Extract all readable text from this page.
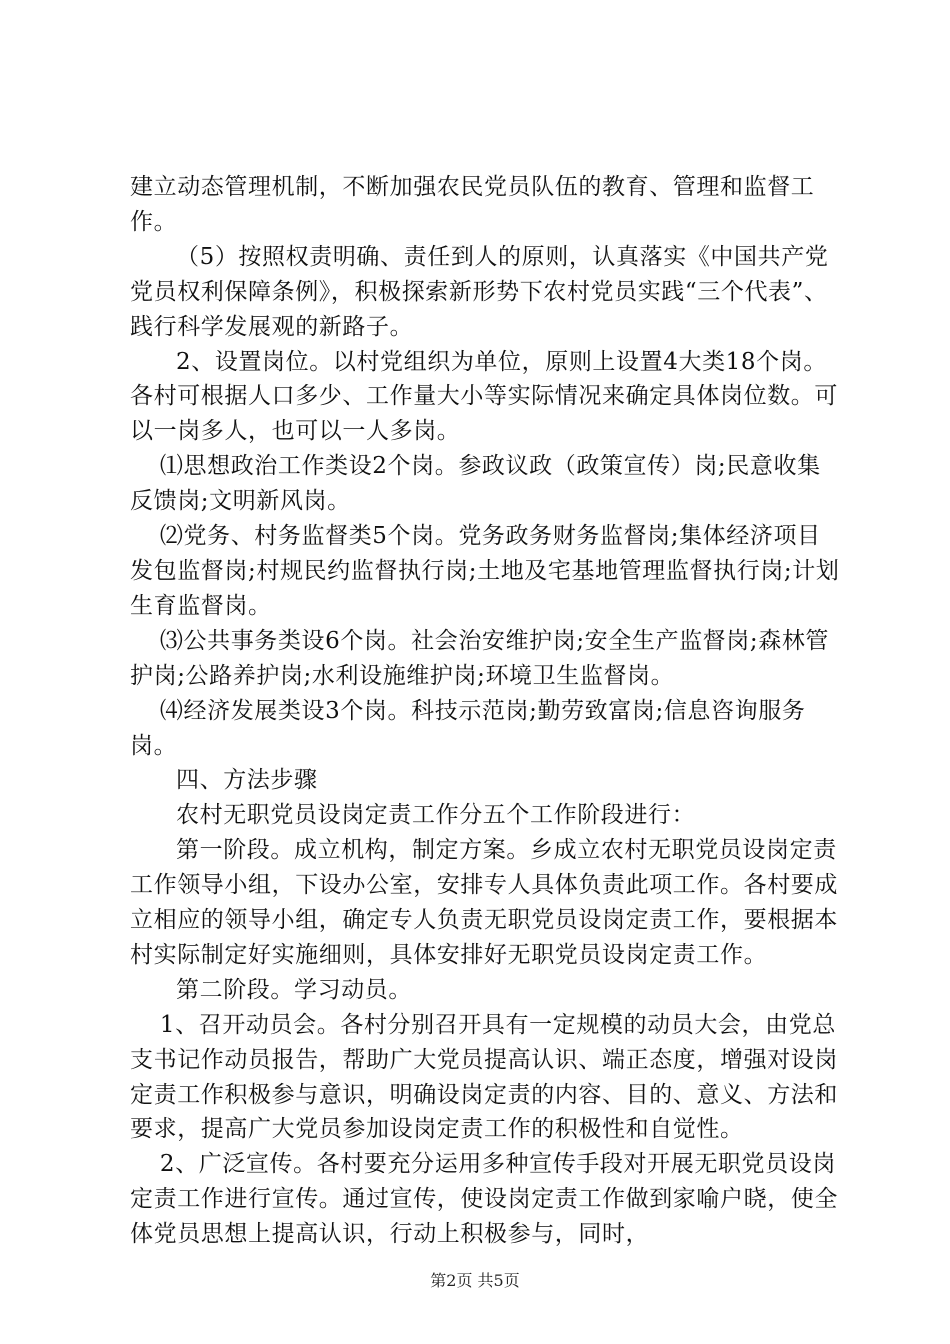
建立动态管理机制，不断加强农民党员队伍的教育、管理和监督工作。

（5）按照权责明确、责任到人的原则，认真落实《中国共产党党员权利保障条例》，积极探索新形势下农村党员实践“三个代表”、践行科学发展观的新路子。

2、设置岗位。以村党组织为单位，原则上设置4大类18个岗。各村可根据人口多少、工作量大小等实际情况来确定具体岗位数。可以一岗多人，也可以一人多岗。

⑴思想政治工作类设2个岗。参政议政（政策宣传）岗;民意收集反馈岗;文明新风岗。

⑵党务、村务监督类5个岗。党务政务财务监督岗;集体经济项目发包监督岗;村规民约监督执行岗;土地及宅基地管理监督执行岗;计划生育监督岗。

⑶公共事务类设6个岗。社会治安维护岗;安全生产监督岗;森林管护岗;公路养护岗;水利设施维护岗;环境卫生监督岗。

⑷经济发展类设3个岗。科技示范岗;勤劳致富岗;信息咨询服务岗。

四、方法步骤

农村无职党员设岗定责工作分五个工作阶段进行：

第一阶段。成立机构，制定方案。乡成立农村无职党员设岗定责工作领导小组，下设办公室，安排专人具体负责此项工作。各村要成立相应的领导小组，确定专人负责无职党员设岗定责工作，要根据本村实际制定好实施细则，具体安排好无职党员设岗定责工作。

第二阶段。学习动员。

1、召开动员会。各村分别召开具有一定规模的动员大会，由党总支书记作动员报告，帮助广大党员提高认识、端正态度，增强对设岗定责工作积极参与意识，明确设岗定责的内容、目的、意义、方法和要求，提高广大党员参加设岗定责工作的积极性和自觉性。

2、广泛宣传。各村要充分运用多种宣传手段对开展无职党员设岗定责工作进行宣传。通过宣传，使设岗定责工作做到家喻户晓，使全体党员思想上提高认识，行动上积极参与，同时，

第2页 共5页
